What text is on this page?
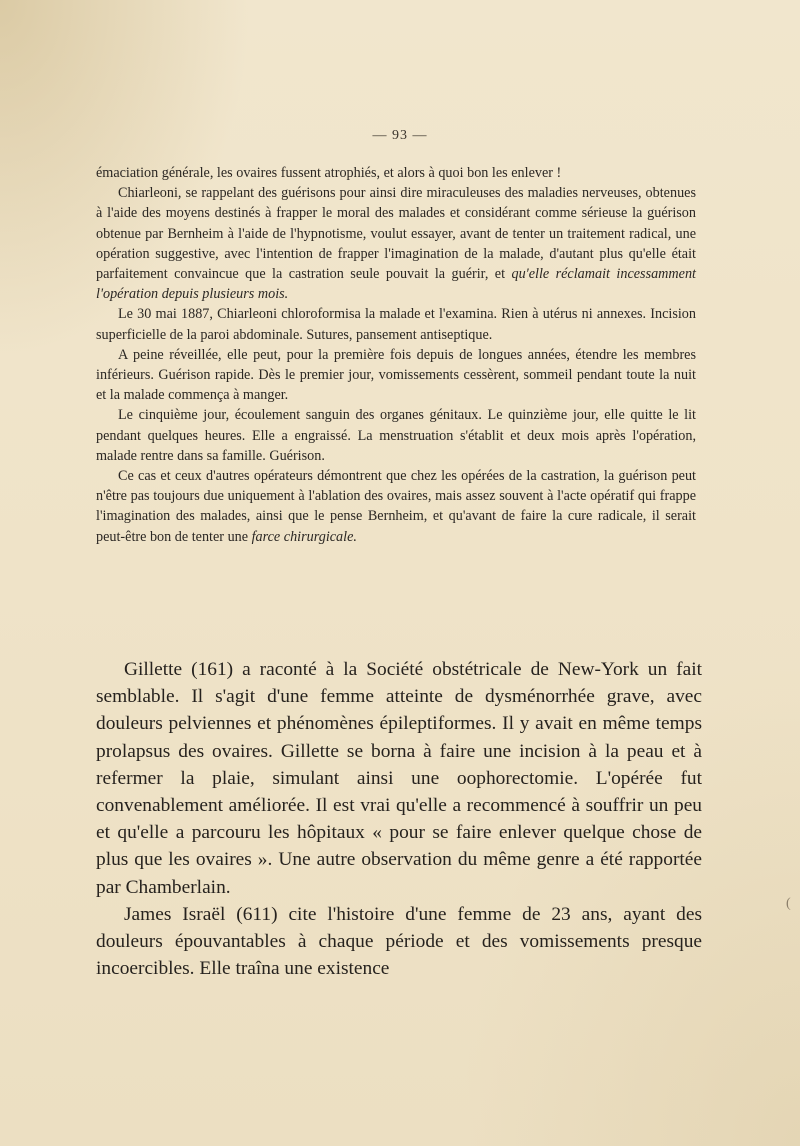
— 93 —

émaciation générale, les ovaires fussent atrophiés, et alors à quoi bon les enlever !

Chiarleoni, se rappelant des guérisons pour ainsi dire miraculeuses des maladies nerveuses, obtenues à l'aide des moyens destinés à frapper le moral des malades et considérant comme sérieuse la guérison obtenue par Bernheim à l'aide de l'hypnotisme, voulut essayer, avant de tenter un traitement radical, une opération suggestive, avec l'intention de frapper l'imagination de la malade, d'autant plus qu'elle était parfaitement convaincue que la castration seule pouvait la guérir, et qu'elle réclamait incessamment l'opération depuis plusieurs mois.

Le 30 mai 1887, Chiarleoni chloroformisa la malade et l'examina. Rien à utérus ni annexes. Incision superficielle de la paroi abdominale. Sutures, pansement antiseptique.

A peine réveillée, elle peut, pour la première fois depuis de longues années, étendre les membres inférieurs. Guérison rapide. Dès le premier jour, vomissements cessèrent, sommeil pendant toute la nuit et la malade commença à manger.

Le cinquième jour, écoulement sanguin des organes génitaux. Le quinzième jour, elle quitte le lit pendant quelques heures. Elle a engraissé. La menstruation s'établit et deux mois après l'opération, malade rentre dans sa famille. Guérison.

Ce cas et ceux d'autres opérateurs démontrent que chez les opérées de la castration, la guérison peut n'être pas toujours due uniquement à l'ablation des ovaires, mais assez souvent à l'acte opératif qui frappe l'imagination des malades, ainsi que le pense Bernheim, et qu'avant de faire la cure radicale, il serait peut-être bon de tenter une farce chirurgicale.

Gillette (161) a raconté à la Société obstétricale de New-York un fait semblable. Il s'agit d'une femme atteinte de dysménorrhée grave, avec douleurs pelviennes et phénomènes épileptiformes. Il y avait en même temps prolapsus des ovaires. Gillette se borna à faire une incision à la peau et à refermer la plaie, simulant ainsi une oophorectomie. L'opérée fut convenablement améliorée. Il est vrai qu'elle a recommencé à souffrir un peu et qu'elle a parcouru les hôpitaux « pour se faire enlever quelque chose de plus que les ovaires ». Une autre observation du même genre a été rapportée par Chamberlain.

James Israël (611) cite l'histoire d'une femme de 23 ans, ayant des douleurs épouvantables à chaque période et des vomissements presque incoercibles. Elle traîna une existence

(
